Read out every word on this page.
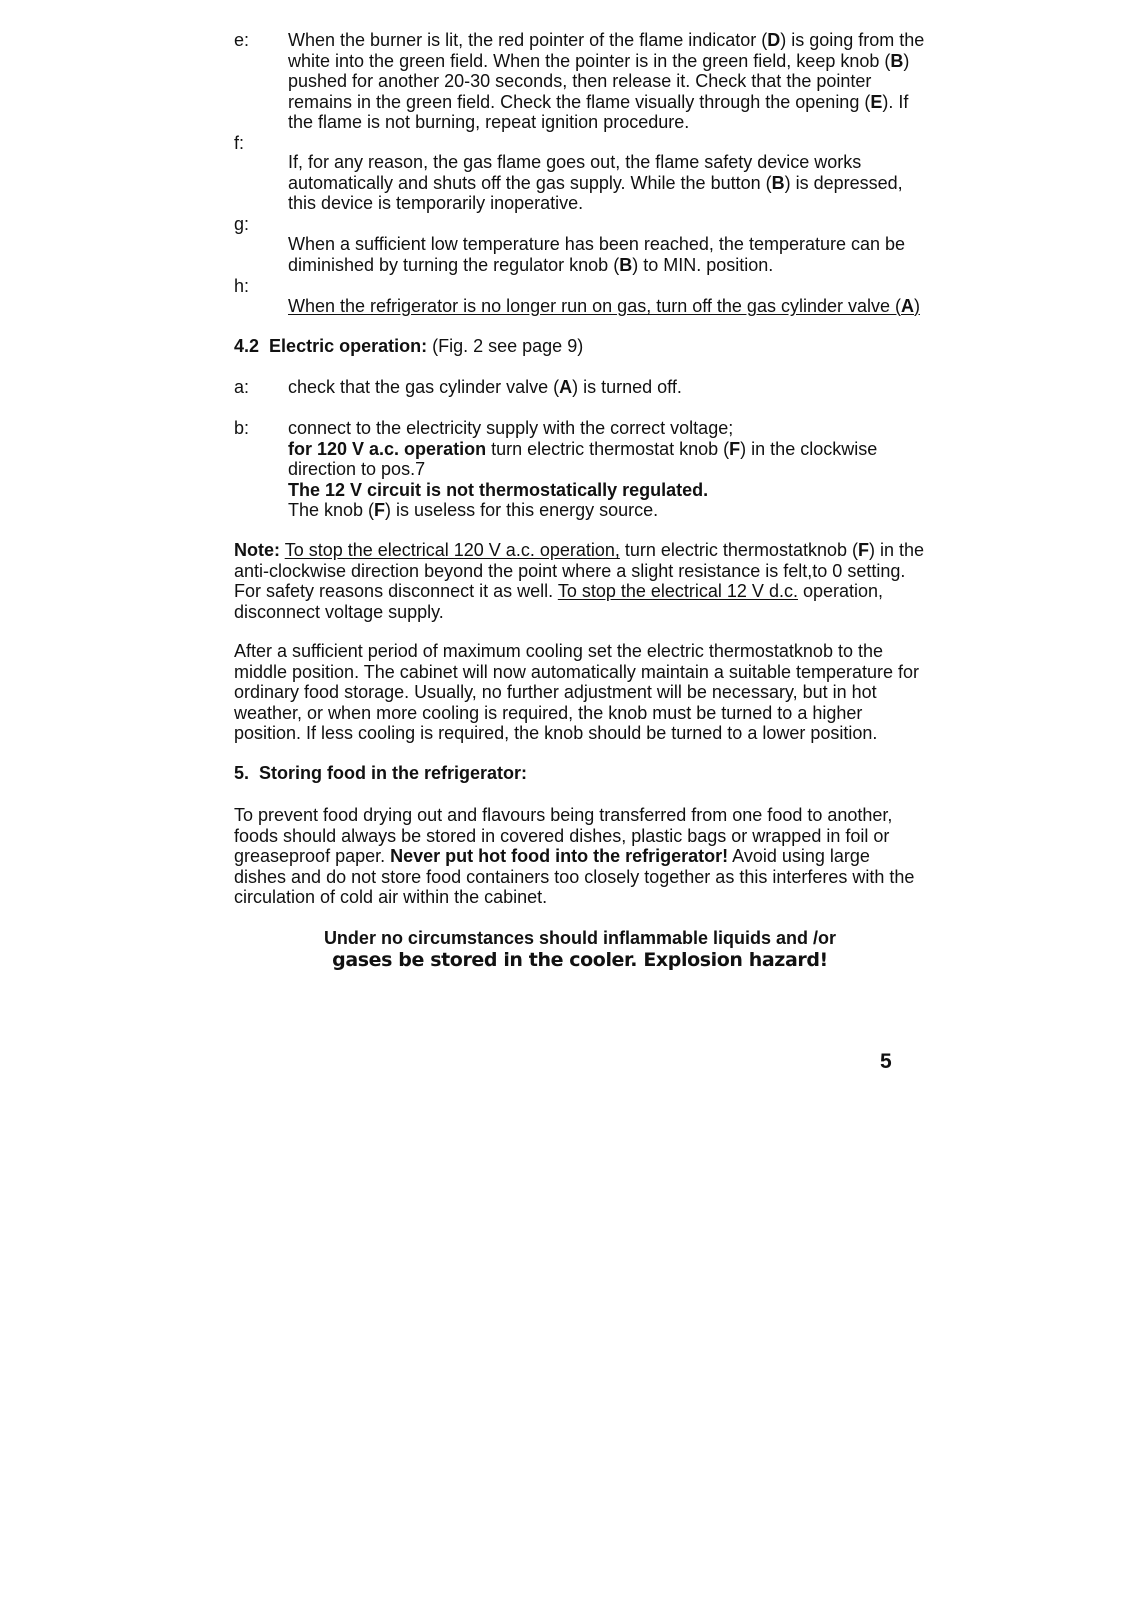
e: When the burner is lit, the red pointer of the flame indicator (D) is going from the white into the green field. When the pointer is in the green field, keep knob (B) pushed for another 20-30 seconds, then release it. Check that the pointer remains in the green field. Check the flame visually through the opening (E). If the flame is not burning, repeat ignition procedure.
f:
If, for any reason, the gas flame goes out, the flame safety device works automatically and shuts off the gas supply. While the button (B) is depressed, this device is temporarily inoperative.
g:
When a sufficient low temperature has been reached, the temperature can be diminished by turning the regulator knob (B) to MIN. position.
h:
When the refrigerator is no longer run on gas, turn off the gas cylinder valve (A)
4.2 Electric operation: (Fig. 2 see page 9)
a: check that the gas cylinder valve (A) is turned off.
b: connect to the electricity supply with the correct voltage;
for 120 V a.c. operation turn electric thermostat knob (F) in the clockwise direction to pos.7
The 12 V circuit is not thermostatically regulated.
The knob (F) is useless for this energy source.
Note: To stop the electrical 120 V a.c. operation, turn electric thermostatknob (F) in the anti-clockwise direction beyond the point where a slight resistance is felt,to 0 setting. For safety reasons disconnect it as well. To stop the electrical 12 V d.c. operation, disconnect voltage supply.
After a sufficient period of maximum cooling set the electric thermostatknob to the middle position. The cabinet will now automatically maintain a suitable temperature for ordinary food storage. Usually, no further adjustment will be necessary, but in hot weather, or when more cooling is required, the knob must be turned to a higher position. If less cooling is required, the knob should be turned to a lower position.
5. Storing food in the refrigerator:
To prevent food drying out and flavours being transferred from one food to another, foods should always be stored in covered dishes, plastic bags or wrapped in foil or greaseproof paper. Never put hot food into the refrigerator! Avoid using large dishes and do not store food containers too closely together as this interferes with the circulation of cold air within the cabinet.
Under no circumstances should inflammable liquids and /or
gases be stored in the cooler. Explosion hazard!
5
